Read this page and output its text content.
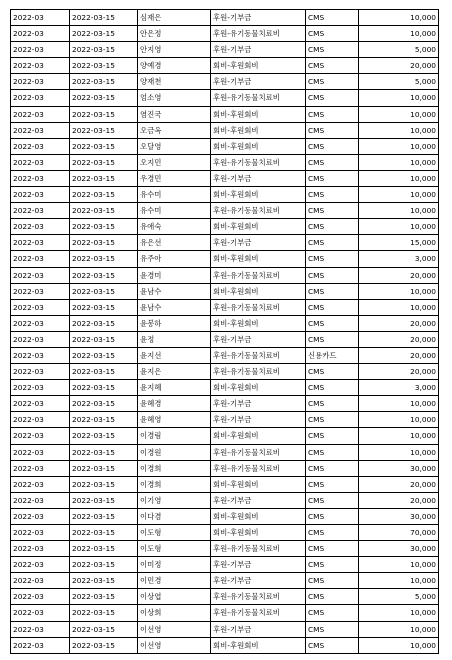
2022-03	2022-03-15	심재은	후원-기부금	CMS	10,000
2022-03	2022-03-15	안은정	후원-유기동물치료비	CMS	10,000
2022-03	2022-03-15	안지영	후원-기부금	CMS	5,000
2022-03	2022-03-15	양예경	회비-후원회비	CMS	20,000
2022-03	2022-03-15	양재천	후원-기부금	CMS	5,000
2022-03	2022-03-15	엄소영	후원-유기동물치료비	CMS	10,000
2022-03	2022-03-15	염진국	회비-후원회비	CMS	10,000
2022-03	2022-03-15	오금옥	회비-후원회비	CMS	10,000
2022-03	2022-03-15	오달영	회비-후원회비	CMS	10,000
2022-03	2022-03-15	오지민	후원-유기동물치료비	CMS	10,000
2022-03	2022-03-15	우경민	후원-기부금	CMS	10,000
2022-03	2022-03-15	유수미	회비-후원회비	CMS	10,000
2022-03	2022-03-15	유수미	후원-유기동물치료비	CMS	10,000
2022-03	2022-03-15	유애숙	회비-후원회비	CMS	10,000
2022-03	2022-03-15	유은선	후원-기부금	CMS	15,000
2022-03	2022-03-15	유주아	회비-후원회비	CMS	3,000
2022-03	2022-03-15	윤경미	후원-유기동물치료비	CMS	20,000
2022-03	2022-03-15	윤남수	회비-후원회비	CMS	10,000
2022-03	2022-03-15	윤남수	후원-유기동물치료비	CMS	10,000
2022-03	2022-03-15	윤봉하	회비-후원회비	CMS	20,000
2022-03	2022-03-15	윤정	후원-기부금	CMS	20,000
2022-03	2022-03-15	윤지선	후원-유기동물치료비	신용카드	20,000
2022-03	2022-03-15	윤지은	후원-유기동물치료비	CMS	20,000
2022-03	2022-03-15	윤지혜	회비-후원회비	CMS	3,000
2022-03	2022-03-15	윤혜경	후원-기부금	CMS	10,000
2022-03	2022-03-15	윤혜영	후원-기부금	CMS	10,000
2022-03	2022-03-15	이경림	회비-후원회비	CMS	10,000
2022-03	2022-03-15	이경원	후원-유기동물치료비	CMS	10,000
2022-03	2022-03-15	이경희	후원-유기동물치료비	CMS	30,000
2022-03	2022-03-15	이경희	회비-후원회비	CMS	20,000
2022-03	2022-03-15	이기영	후원-기부금	CMS	20,000
2022-03	2022-03-15	이다겸	회비-후원회비	CMS	30,000
2022-03	2022-03-15	이도형	회비-후원회비	CMS	70,000
2022-03	2022-03-15	이도형	후원-유기동물치료비	CMS	30,000
2022-03	2022-03-15	이미정	후원-기부금	CMS	10,000
2022-03	2022-03-15	이민경	후원-기부금	CMS	10,000
2022-03	2022-03-15	이상엽	후원-유기동물치료비	CMS	5,000
2022-03	2022-03-15	이상희	후원-유기동물치료비	CMS	10,000
2022-03	2022-03-15	이선영	후원-기부금	CMS	10,000
2022-03	2022-03-15	이선영	회비-후원회비	CMS	10,000
